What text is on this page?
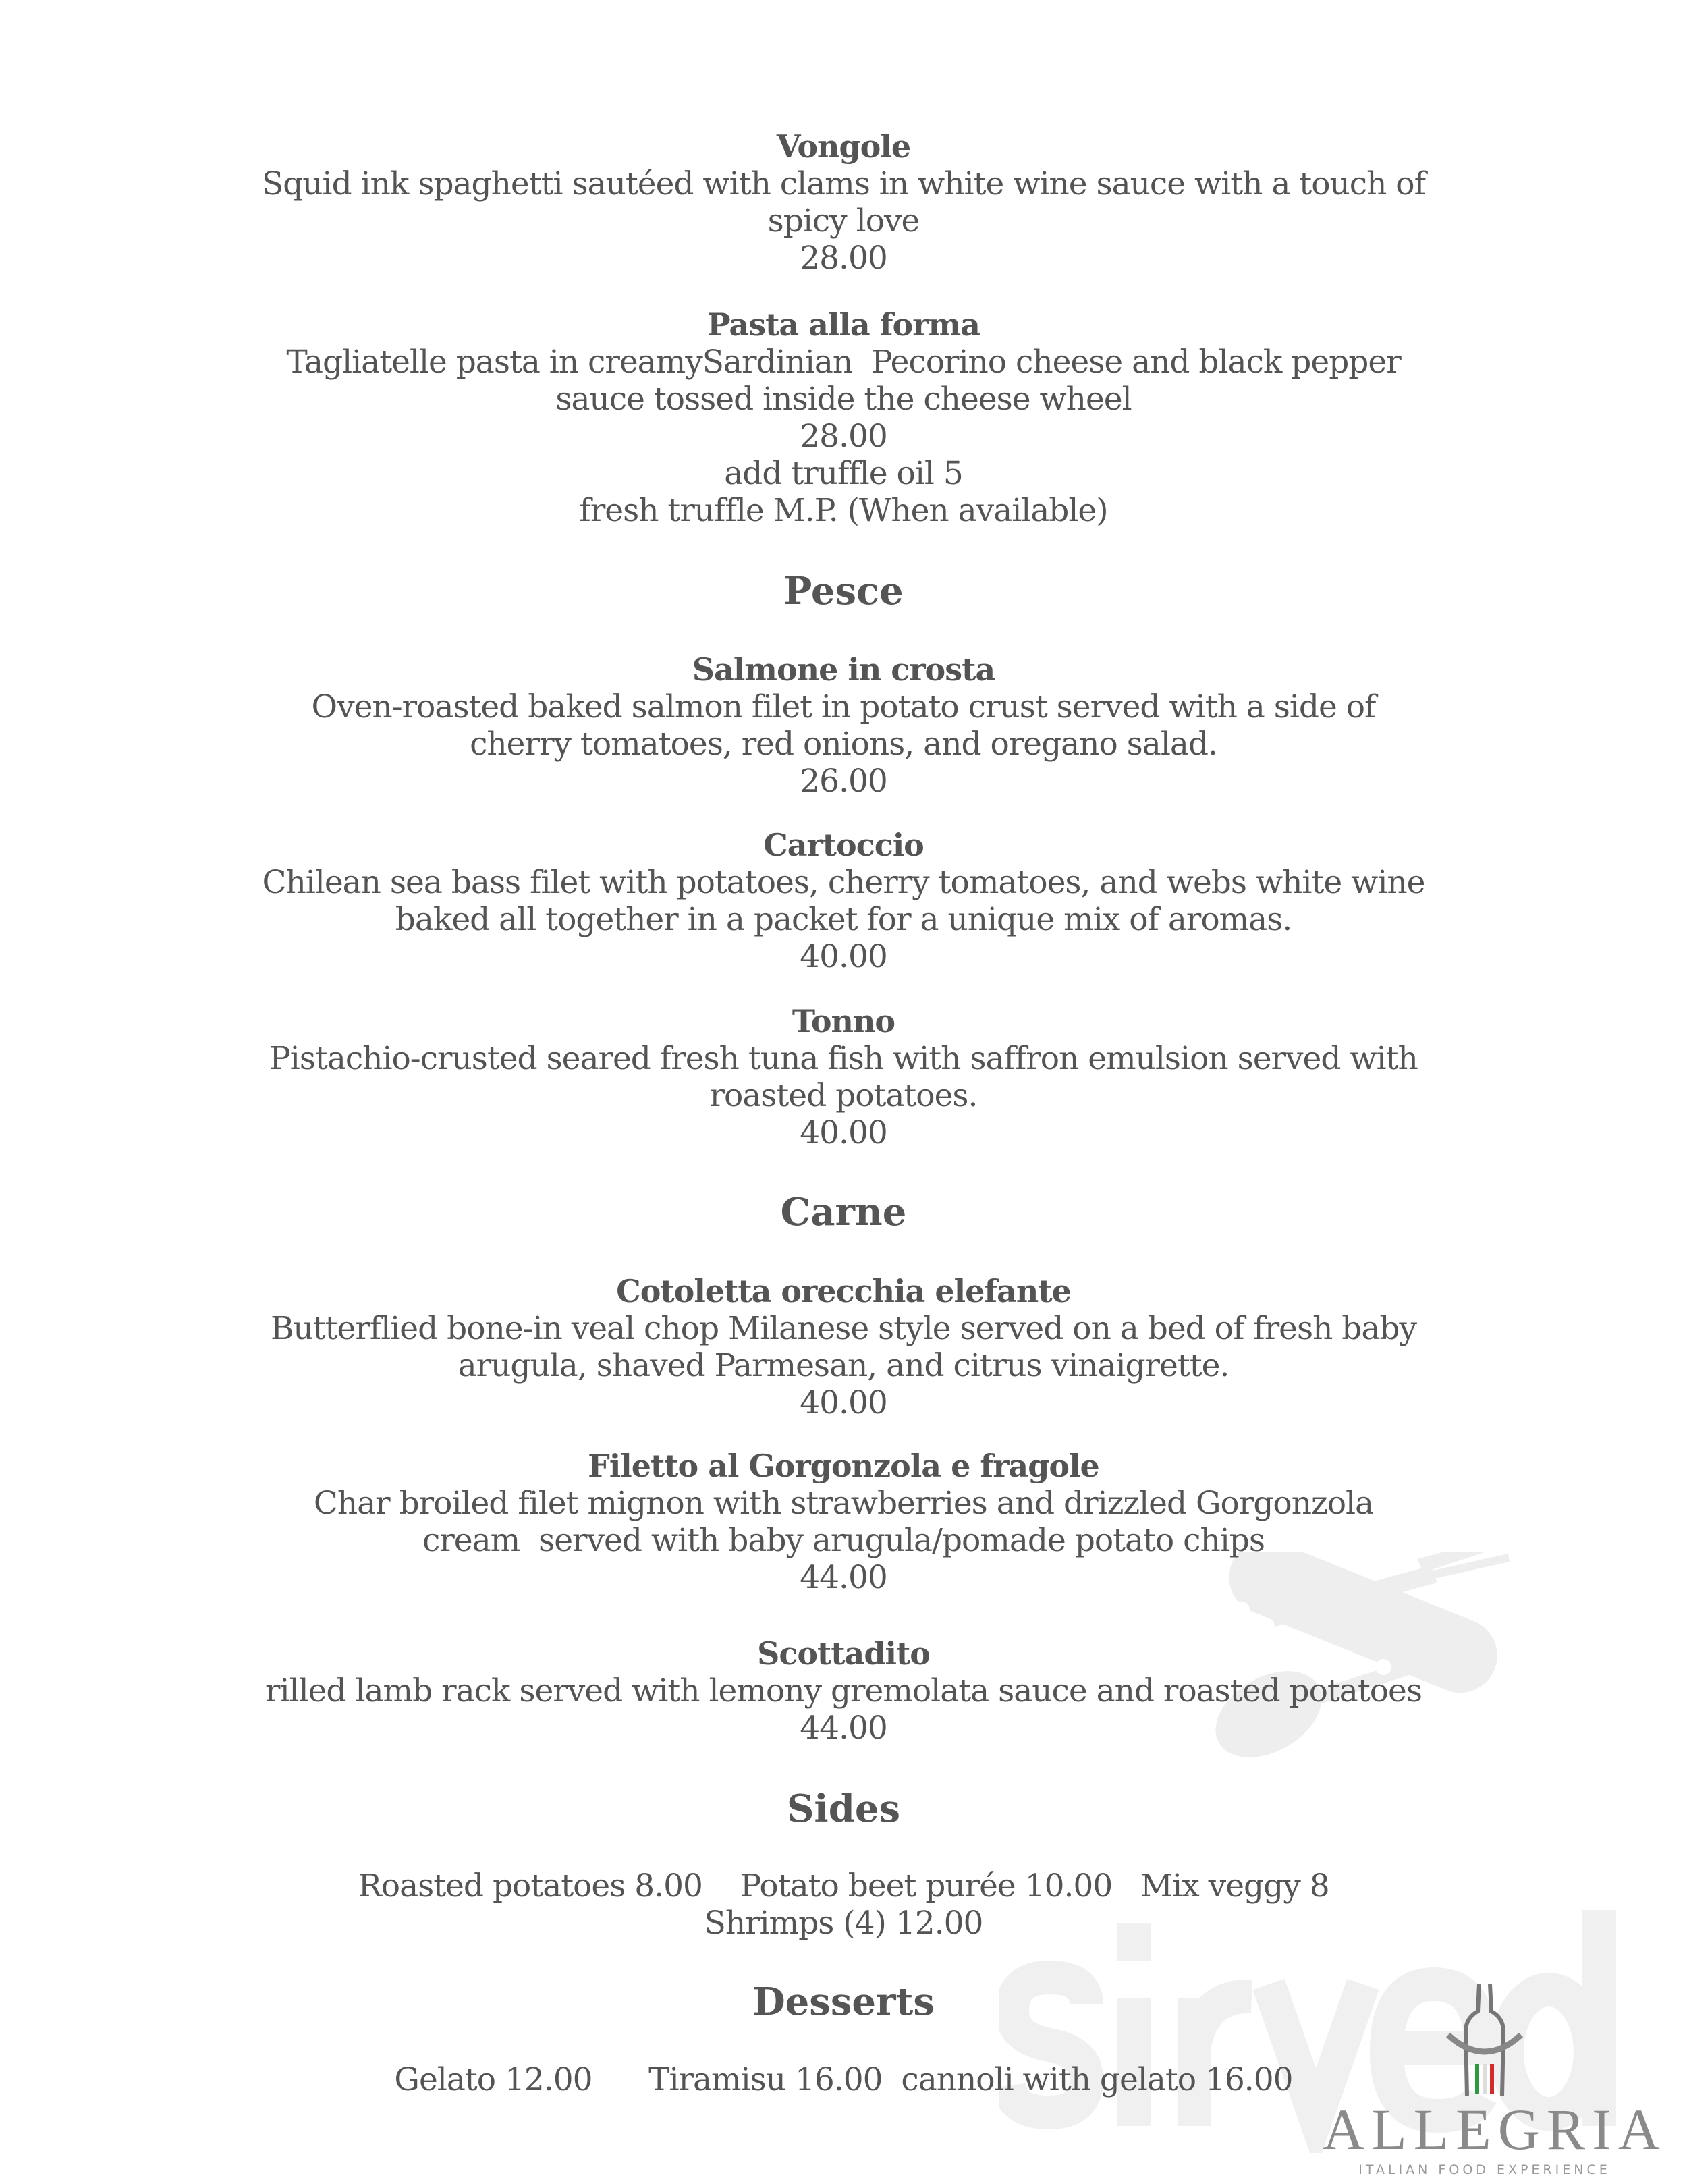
Vongole
Squid ink spaghetti sautéed with clams in white wine sauce with a touch of
spicy love
28.00
Pasta alla forma
Tagliatelle pasta in creamySardinian  Pecorino cheese and black pepper
sauce tossed inside the cheese wheel
28.00
add truffle oil 5
fresh truffle M.P. (When available)
Pesce
Salmone in crosta
Oven-roasted baked salmon filet in potato crust served with a side of
cherry tomatoes, red onions, and oregano salad.
26.00
Cartoccio
Chilean sea bass filet with potatoes, cherry tomatoes, and webs white wine
baked all together in a packet for a unique mix of aromas.
40.00
Tonno
Pistachio-crusted seared fresh tuna fish with saffron emulsion served with
roasted potatoes.
40.00
Carne
Cotoletta orecchia elefante
Butterflied bone-in veal chop Milanese style served on a bed of fresh baby
arugula, shaved Parmesan, and citrus vinaigrette.
40.00
Filetto al Gorgonzola e fragole
Char broiled filet mignon with strawberries and drizzled Gorgonzola
cream  served with baby arugula/pomade potato chips
44.00
Scottadito
rilled lamb rack served with lemony gremolata sauce and roasted potatoes
44.00
Sides
Roasted potatoes 8.00    Potato beet purée 10.00   Mix veggy 8
Shrimps (4) 12.00
Desserts
Gelato 12.00      Tiramisu 16.00  cannoli with gelato 16.00
ALLEGRIA
ITALIAN FOOD EXPERIENCE
